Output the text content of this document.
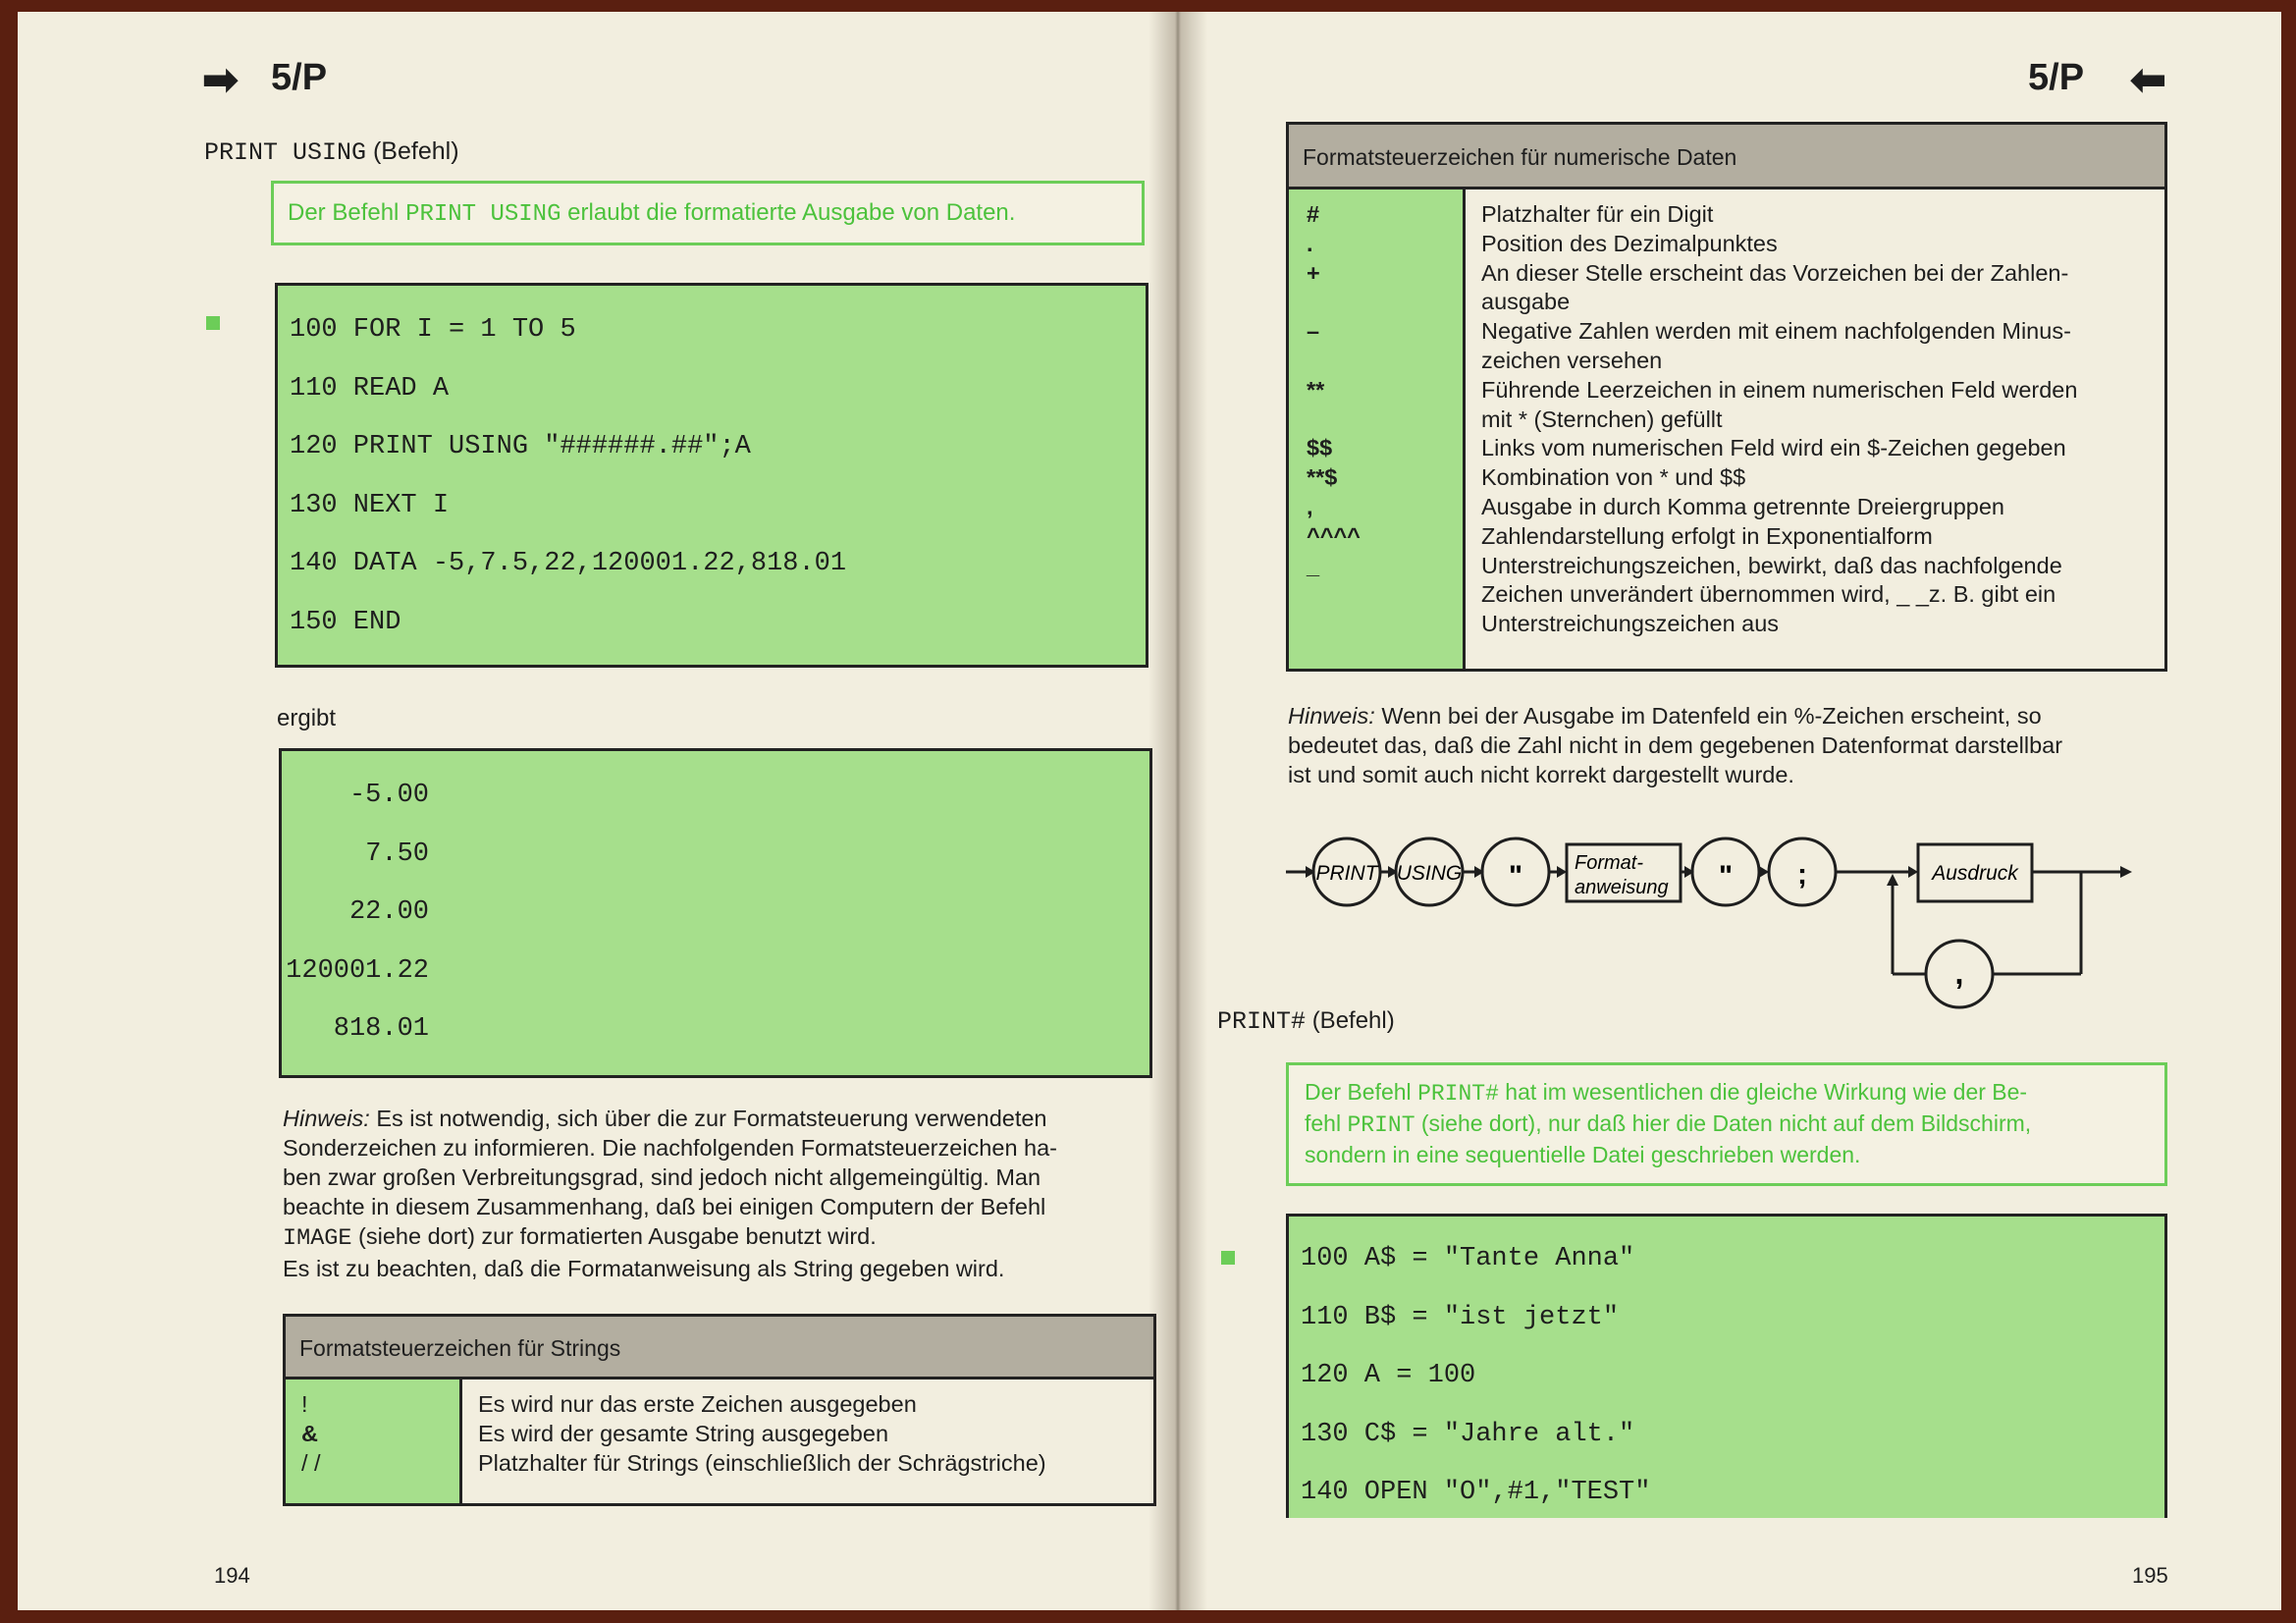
➡ 5/P
PRINT USING (Befehl)
Der Befehl PRINT USING erlaubt die formatierte Ausgabe von Daten.
100 FOR I = 1 TO 5
110 READ A
120 PRINT USING "######.##";A
130 NEXT I
140 DATA -5,7.5,22,120001.22,818.01
150 END
ergibt
-5.00
7.50
22.00
120001.22
818.01
Hinweis: Es ist notwendig, sich über die zur Formatsteuerung verwendeten
Sonderzeichen zu informieren. Die nachfolgenden Formatsteuerzeichen ha-
ben zwar großen Verbreitungsgrad, sind jedoch nicht allgemeingültig. Man
beachte in diesem Zusammenhang, daß bei einigen Computern der Befehl
IMAGE (siehe dort) zur formatierten Ausgabe benutzt wird.
Es ist zu beachten, daß die Formatanweisung als String gegeben wird.
Formatsteuerzeichen für Strings
!
&
/ /
Es wird nur das erste Zeichen ausgegeben
Es wird der gesamte String ausgegeben
Platzhalter für Strings (einschließlich der Schrägstriche)
194
5/P ⬅
Formatsteuerzeichen für numerische Daten
#
.
+
–
**
$$
**$
,
^^^^
_
Platzhalter für ein Digit
Position des Dezimalpunktes
An dieser Stelle erscheint das Vorzeichen bei der Zahlen-
ausgabe
Negative Zahlen werden mit einem nachfolgenden Minus-
zeichen versehen
Führende Leerzeichen in einem numerischen Feld werden
mit * (Sternchen) gefüllt
Links vom numerischen Feld wird ein $-Zeichen gegeben
Kombination von * und $$
Ausgabe in durch Komma getrennte Dreiergruppen
Zahlendarstellung erfolgt in Exponentialform
Unterstreichungszeichen, bewirkt, daß das nachfolgende
Zeichen unverändert übernommen wird, _ _z. B. gibt ein
Unterstreichungszeichen aus
Hinweis: Wenn bei der Ausgabe im Datenfeld ein %-Zeichen erscheint, so
bedeutet das, daß die Zahl nicht in dem gegebenen Datenformat darstellbar
ist und somit auch nicht korrekt dargestellt wurde.
PRINT USING "	Format-
anweisung " ;	Ausdruck
,
PRINT# (Befehl)
Der Befehl PRINT# hat im wesentlichen die gleiche Wirkung wie der Be-
fehl PRINT (siehe dort), nur daß hier die Daten nicht auf dem Bildschirm,
sondern in eine sequentielle Datei geschrieben werden.
100 A$ = "Tante Anna"
110 B$ = "ist jetzt"
120 A = 100
130 C$ = "Jahre alt."
140 OPEN "O",#1,"TEST"
195
